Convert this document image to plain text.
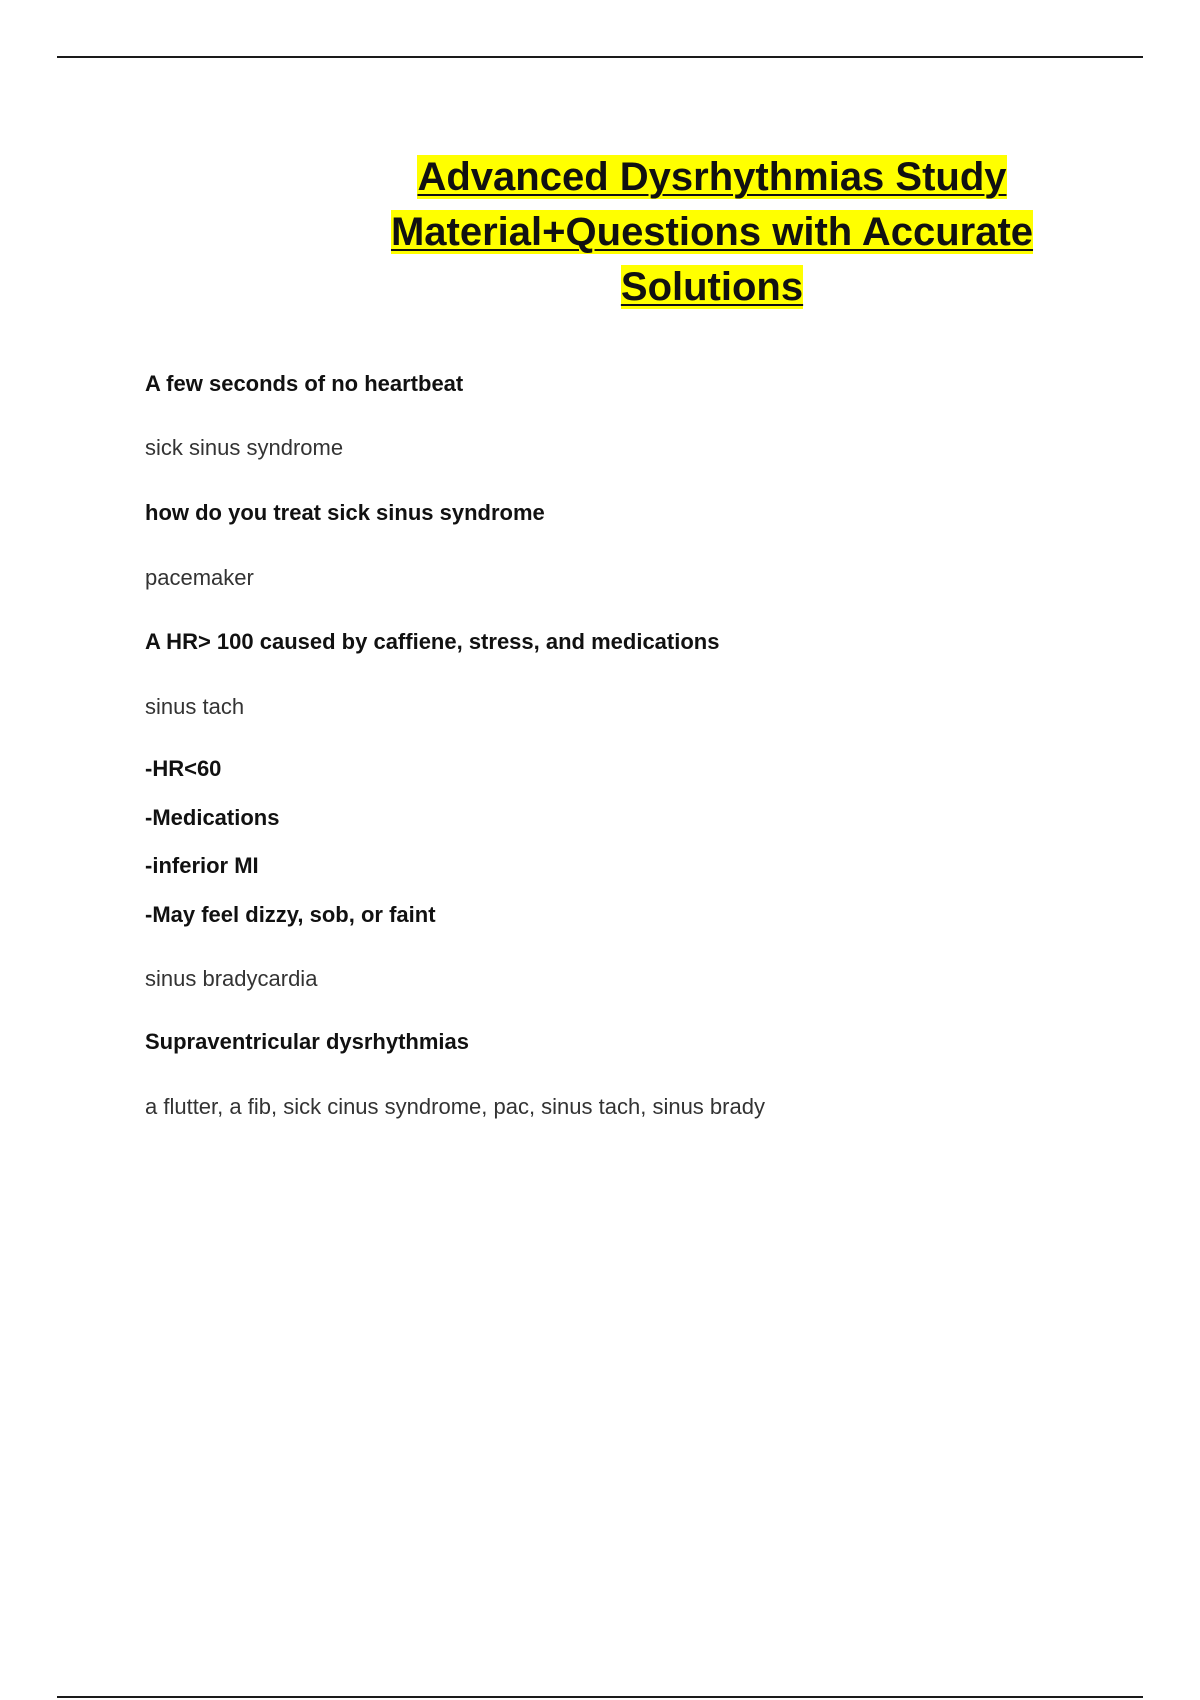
Advanced Dysrhythmias Study
Material+Questions with Accurate
Solutions
A few seconds of no heartbeat
sick sinus syndrome
how do you treat sick sinus syndrome
pacemaker
A HR> 100 caused by caffiene, stress, and medications
sinus tach
-HR<60
-Medications
-inferior MI
-May feel dizzy, sob, or faint
sinus bradycardia
Supraventricular dysrhythmias
a flutter, a fib, sick cinus syndrome, pac, sinus tach, sinus brady
